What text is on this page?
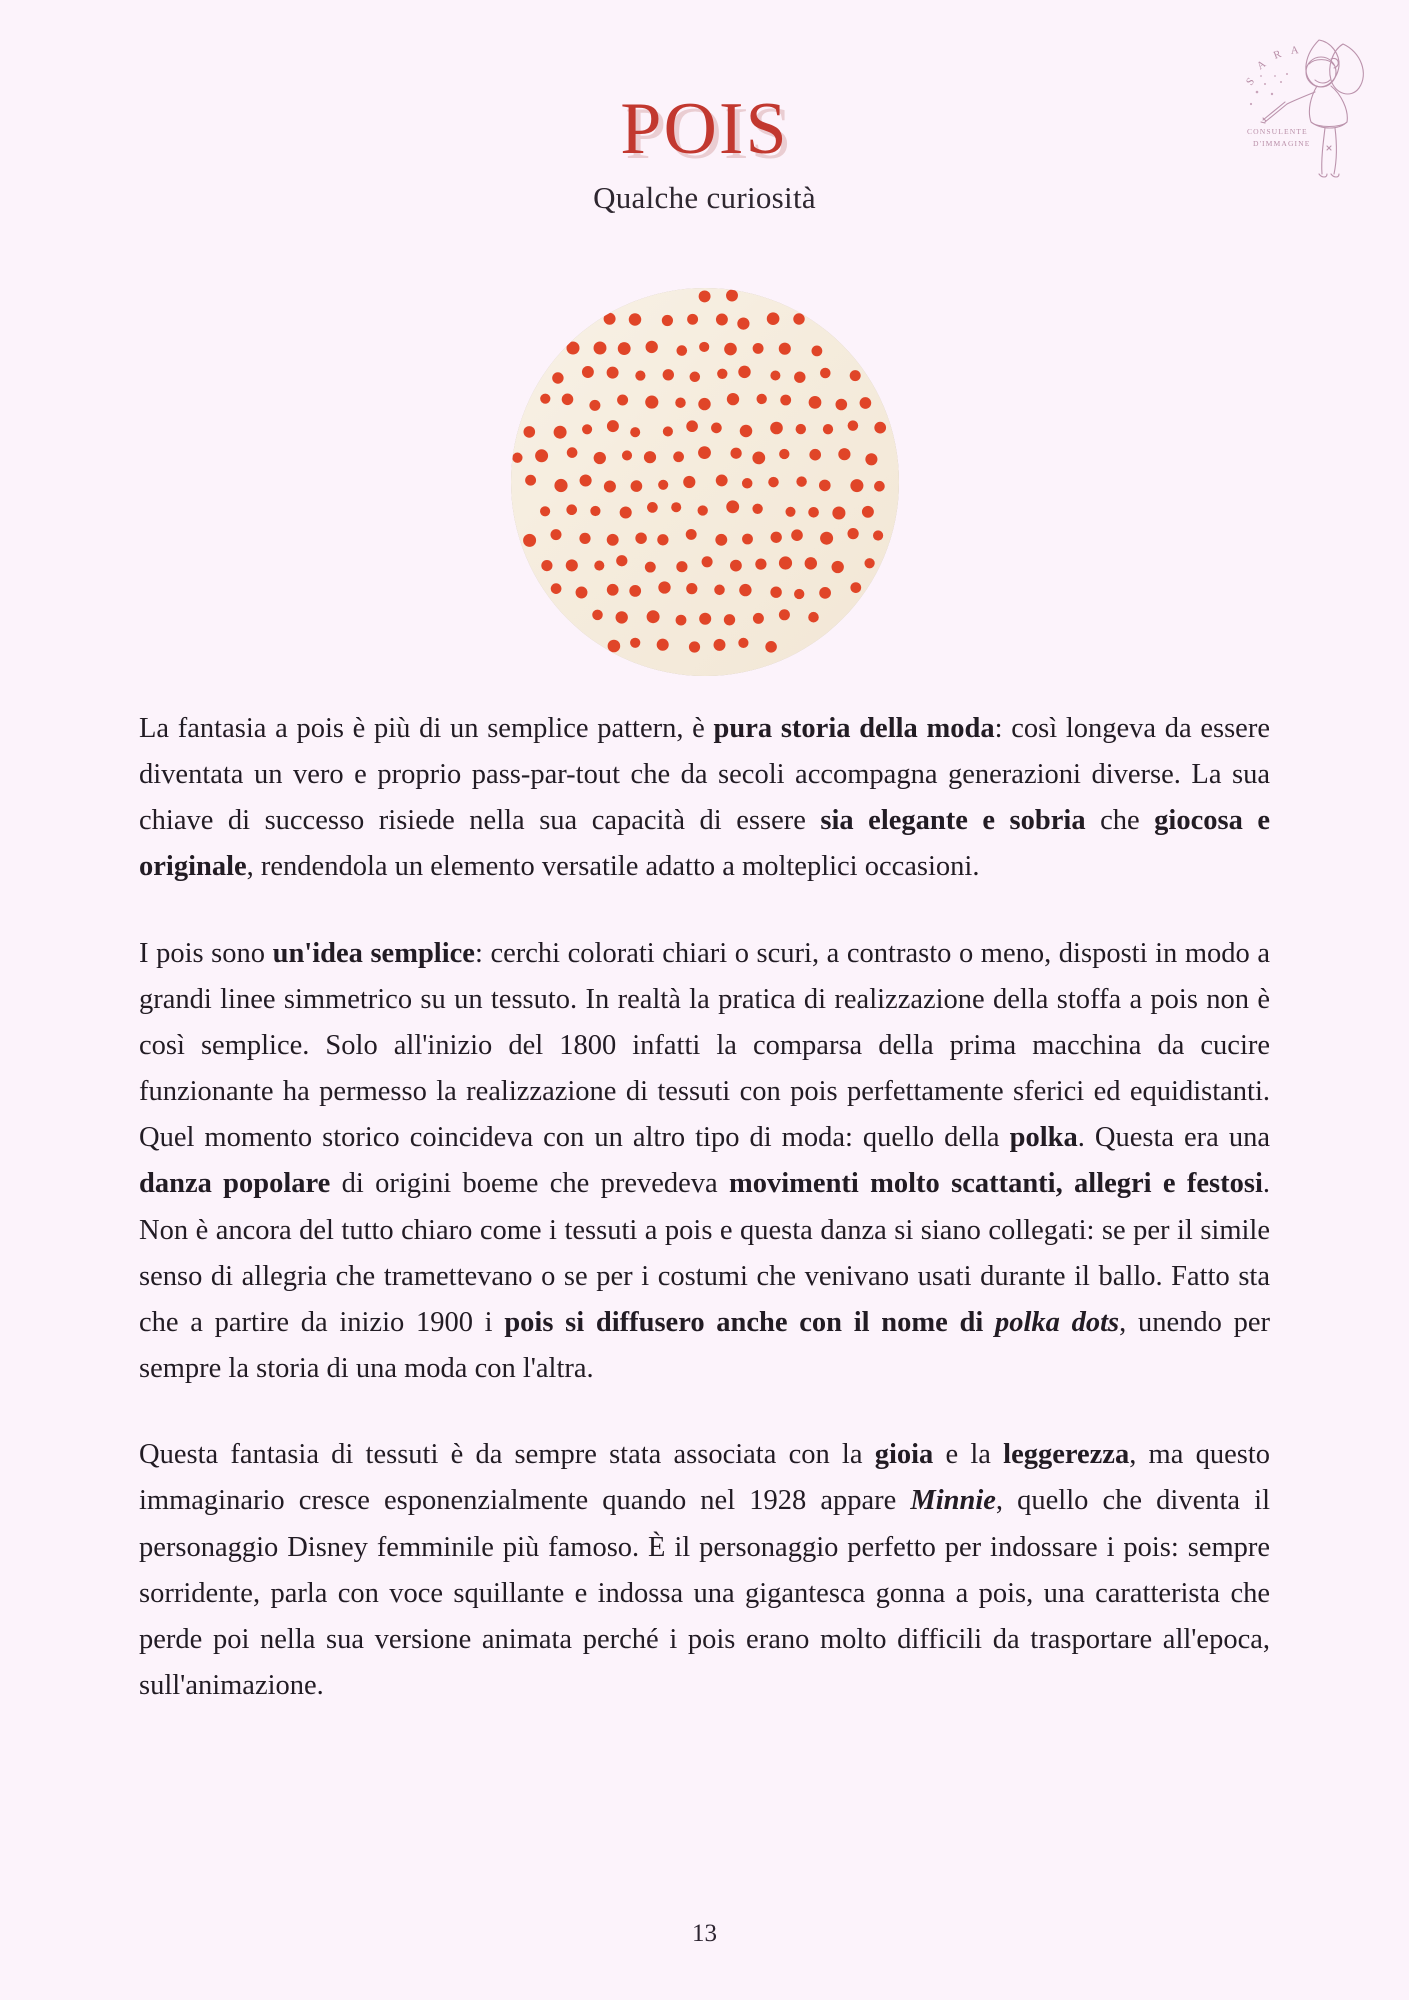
S
A
R A
CONSULENTE
D'IMMAGINE
POIS

Qualche curiosità

La fantasia a pois è più di un semplice pattern, è pura storia della moda: così longeva da essere diventata un vero e proprio pass-par-tout che da secoli accompagna generazioni diverse. La sua chiave di successo risiede nella sua capacità di essere sia elegante e sobria che giocosa e originale, rendendola un elemento versatile adatto a molteplici occasioni.

I pois sono un'idea semplice: cerchi colorati chiari o scuri, a contrasto o meno, disposti in modo a grandi linee simmetrico su un tessuto. In realtà la pratica di realizzazione della stoffa a pois non è così semplice. Solo all'inizio del 1800 infatti la comparsa della prima macchina da cucire funzionante ha permesso la realizzazione di tessuti con pois perfettamente sferici ed equidistanti. Quel momento storico coincideva con un altro tipo di moda: quello della polka. Questa era una danza popolare di origini boeme che prevedeva movimenti molto scattanti, allegri e festosi. Non è ancora del tutto chiaro come i tessuti a pois e questa danza si siano collegati: se per il simile senso di allegria che tramettevano o se per i costumi che venivano usati durante il ballo. Fatto sta che a partire da inizio 1900 i pois si diffusero anche con il nome di polka dots, unendo per sempre la storia di una moda con l'altra.

Questa fantasia di tessuti è da sempre stata associata con la gioia e la leggerezza, ma questo immaginario cresce esponenzialmente quando nel 1928 appare Minnie, quello che diventa il personaggio Disney femminile più famoso. È il personaggio perfetto per indossare i pois: sempre sorridente, parla con voce squillante e indossa una gigantesca gonna a pois, una caratterista che perde poi nella sua versione animata perché i pois erano molto difficili da trasportare all'epoca, sull'animazione.

13
